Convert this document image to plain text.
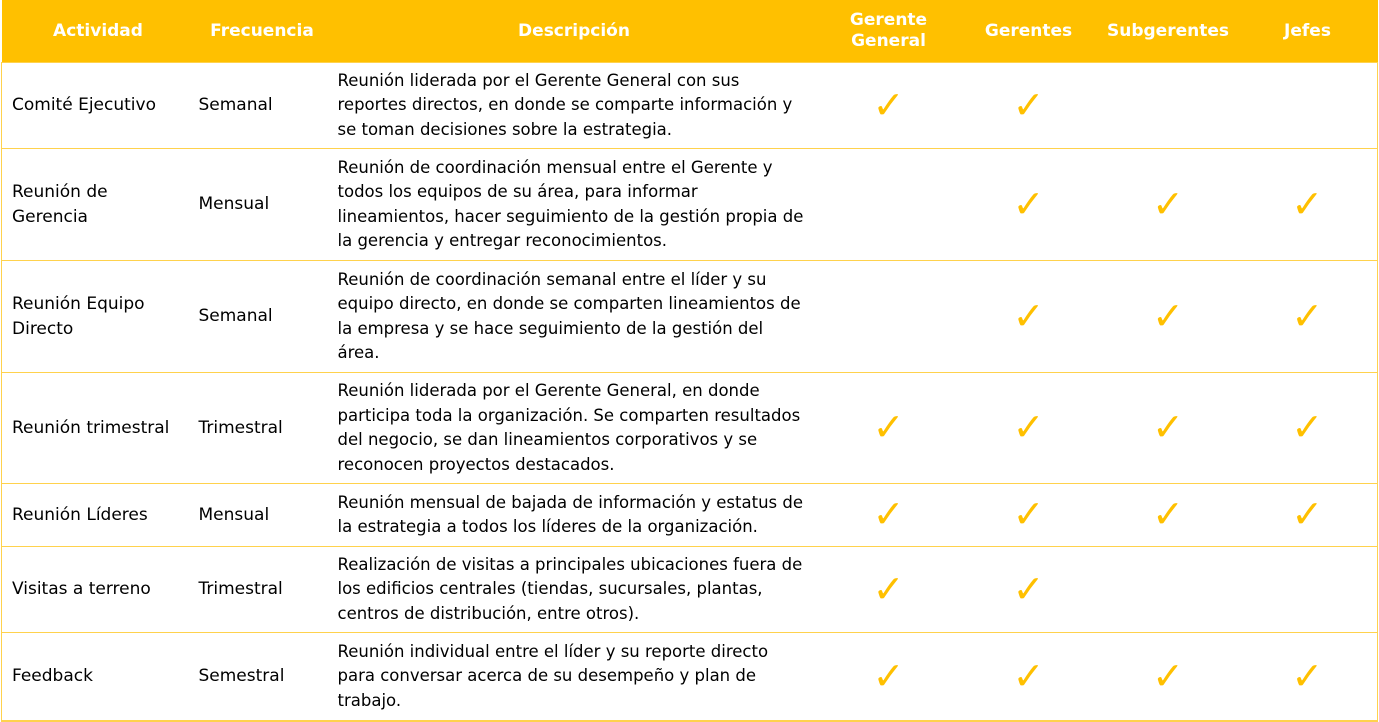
Actividad	Frecuencia	Descripción	Gerente General	Gerentes	Subgerentes	Jefes
Comité Ejecutivo	Semanal	Reunión liderada por el Gerente General con sus reportes directos, en donde se comparte información y se toman decisiones sobre la estrategia.	✓	✓		
Reunión de Gerencia	Mensual	Reunión de coordinación mensual entre el Gerente y todos los equipos de su área, para informar lineamientos, hacer seguimiento de la gestión propia de la gerencia y entregar reconocimientos.		✓	✓	✓
Reunión Equipo Directo	Semanal	Reunión de coordinación semanal entre el líder y su equipo directo, en donde se comparten lineamientos de la empresa y se hace seguimiento de la gestión del área.		✓	✓	✓
Reunión trimestral	Trimestral	Reunión liderada por el Gerente General, en donde participa toda la organización. Se comparten resultados del negocio, se dan lineamientos corporativos y se reconocen proyectos destacados.	✓	✓	✓	✓
Reunión Líderes	Mensual	Reunión mensual de bajada de información y estatus de la estrategia a todos los líderes de la organización.	✓	✓	✓	✓
Visitas a terreno	Trimestral	Realización de visitas a principales ubicaciones fuera de los edificios centrales (tiendas, sucursales, plantas, centros de distribución, entre otros).	✓	✓		
Feedback	Semestral	Reunión individual entre el líder y su reporte directo para conversar acerca de su desempeño y plan de trabajo.	✓	✓	✓	✓
